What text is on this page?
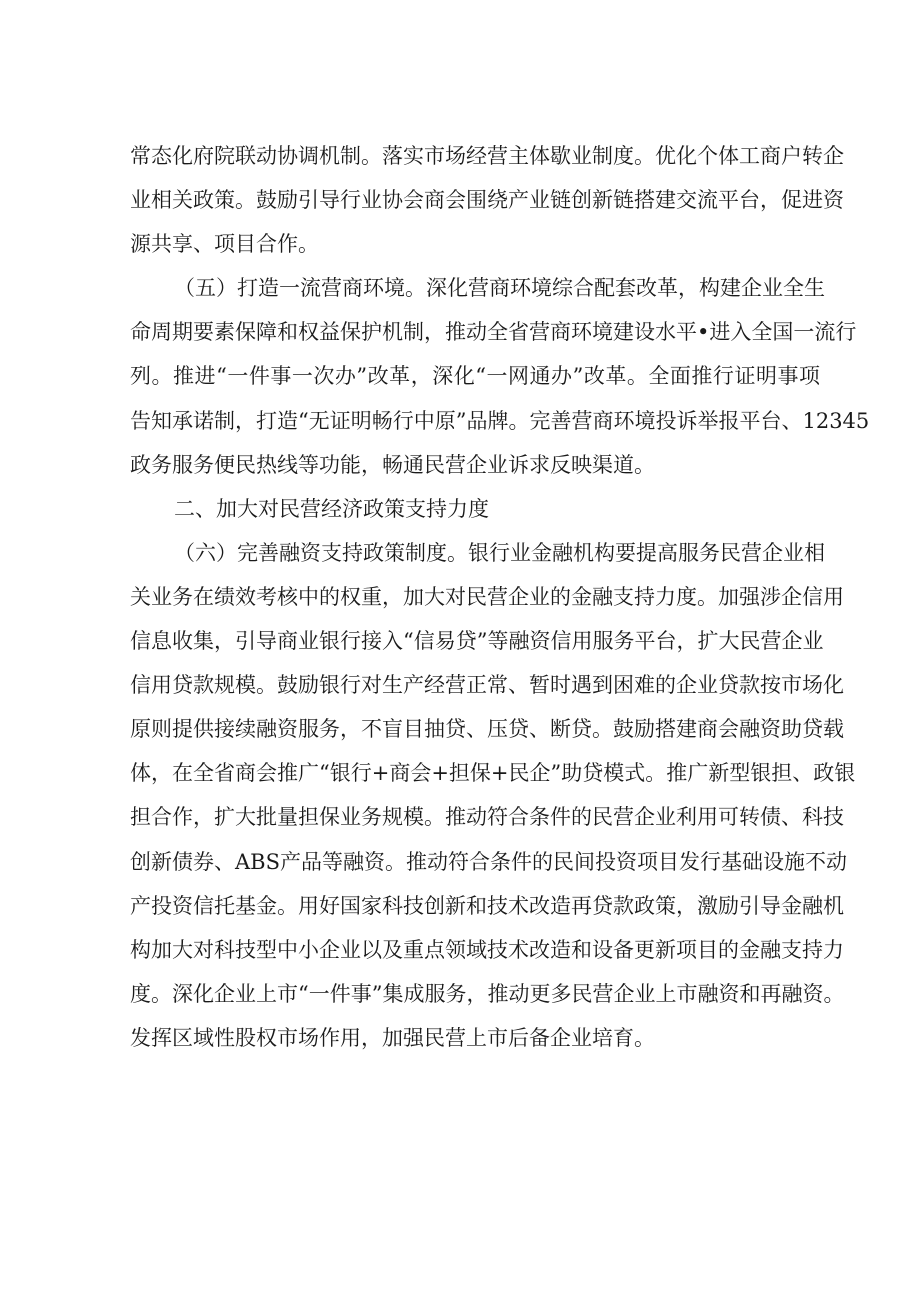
常态化府院联动协调机制。落实市场经营主体歇业制度。优化个体工商户转企
业相关政策。鼓励引导行业协会商会围绕产业链创新链搭建交流平台，促进资
源共享、项目合作。
（五）打造一流营商环境。深化营商环境综合配套改革，构建企业全生
命周期要素保障和权益保护机制，推动全省营商环境建设水平•进入全国一流行
列。推进“一件事一次办”改革，深化“一网通办”改革。全面推行证明事项
告知承诺制，打造“无证明畅行中原”品牌。完善营商环境投诉举报平台、12345
政务服务便民热线等功能，畅通民营企业诉求反映渠道。
二、加大对民营经济政策支持力度
（六）完善融资支持政策制度。银行业金融机构要提高服务民营企业相
关业务在绩效考核中的权重，加大对民营企业的金融支持力度。加强涉企信用
信息收集，引导商业银行接入“信易贷”等融资信用服务平台，扩大民营企业
信用贷款规模。鼓励银行对生产经营正常、暂时遇到困难的企业贷款按市场化
原则提供接续融资服务，不盲目抽贷、压贷、断贷。鼓励搭建商会融资助贷载
体，在全省商会推广“银行+商会+担保+民企”助贷模式。推广新型银担、政银
担合作，扩大批量担保业务规模。推动符合条件的民营企业利用可转债、科技
创新债券、ABS产品等融资。推动符合条件的民间投资项目发行基础设施不动
产投资信托基金。用好国家科技创新和技术改造再贷款政策，激励引导金融机
构加大对科技型中小企业以及重点领域技术改造和设备更新项目的金融支持力
度。深化企业上市“一件事”集成服务，推动更多民营企业上市融资和再融资。
发挥区域性股权市场作用，加强民营上市后备企业培育。
